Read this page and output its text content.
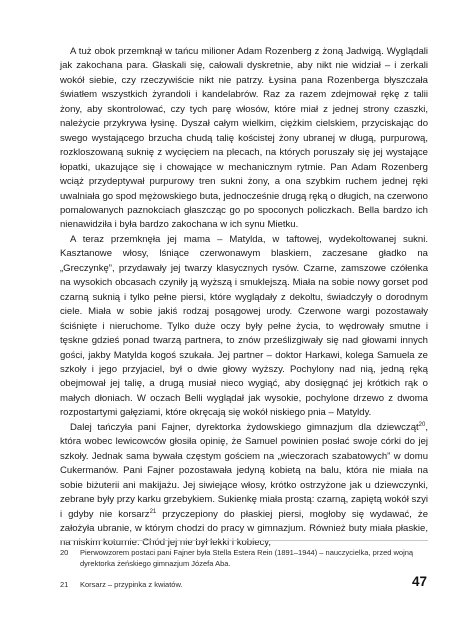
A tuż obok przemknął w tańcu milioner Adam Rozenberg z żoną Jadwigą. Wyglądali jak zakochana para. Głaskali się, całowali dyskretnie, aby nikt nie widział – i zerkali wokół siebie, czy rzeczywiście nikt nie patrzy. Łysina pana Rozenberga błyszczała światłem wszystkich żyrandoli i kandelabrów. Raz za razem zdejmował rękę z talii żony, aby skontrolować, czy tych parę włosów, które miał z jednej strony czaszki, należycie przykrywa łysinę. Dyszał całym wielkim, ciężkim cielskiem, przyciskając do swego wystającego brzucha chudą talię kościstej żony ubranej w długą, purpurową, rozkloszowaną suknię z wycięciem na plecach, na których poruszały się jej wystające łopatki, ukazujące się i chowające w mechanicznym rytmie. Pan Adam Rozenberg wciąż przydeptywał purpurowy tren sukni żony, a ona szybkim ruchem jednej ręki uwalniała go spod mężowskiego buta, jednocześnie drugą ręką o długich, na czerwono pomalowanych paznokciach głaszcząc go po spoconych policzkach. Bella bardzo ich nienawidziła i była bardzo zakochana w ich synu Mietku.

A teraz przemknęła jej mama – Matylda, w taftowej, wydekoltowanej sukni. Kasztanowe włosy, lśniące czerwonawym blaskiem, zaczesane gładko na „Greczynkę”, przydawały jej twarzy klasycznych rysów. Czarne, zamszowe czółenka na wysokich obcasach czyniły ją wyższą i smuklejszą. Miała na sobie nowy gorset pod czarną suknią i tylko pełne piersi, które wyglądały z dekoltu, świadczyły o dorodnym ciele. Miała w sobie jakiś rodzaj posągowej urody. Czerwone wargi pozostawały ściśnięte i nieruchome. Tylko duże oczy były pełne życia, to wędrowały smutne i tęskne gdzieś ponad twarzą partnera, to znów prześlizgiwały się nad głowami innych gości, jakby Matylda kogoś szukała. Jej partner – doktor Harkawi, kolega Samuela ze szkoły i jego przyjaciel, był o dwie głowy wyższy. Pochylony nad nią, jedną ręką obejmował jej talię, a drugą musiał nieco wygiąć, aby dosięgnąć jej krótkich rąk o małych dłoniach. W oczach Belli wyglądał jak wysokie, pochylone drzewo z dwoma rozpostartymi gałęziami, które okręcają się wokół niskiego pnia – Matyldy.

Dalej tańczyła pani Fajner, dyrektorka żydowskiego gimnazjum dla dziewcząt$^{20}$, która wobec lewicowców głosiła opinię, że Samuel powinien posłać swoje córki do jej szkoły. Jednak sama bywała częstym gościem na „wieczorach szabatowych” w domu Cukermanów. Pani Fajner pozostawała jedyną kobietą na balu, która nie miała na sobie biżuterii ani makijażu. Jej siwiejące włosy, krótko ostrzyżone jak u dziewczynki, zebrane były przy karku grzebykiem. Sukienkę miała prostą: czarną, zapiętą wokół szyi i gdyby nie korsarz$^{21}$ przyczepiony do płaskiej piersi, mogłoby się wydawać, że założyła ubranie, w którym chodzi do pracy w gimnazjum. Również buty miała płaskie, na niskim koturnie. Chód jej nie był lekki i kobiecy,

20	Pierwowzorem postaci pani Fajner była Stella Estera Rein (1891–1944) – nauczycielka, przed wojną dyrektorka żeńskiego gimnazjum Józefa Aba.
21	Korsarz – przypinka z kwiatów.	47
